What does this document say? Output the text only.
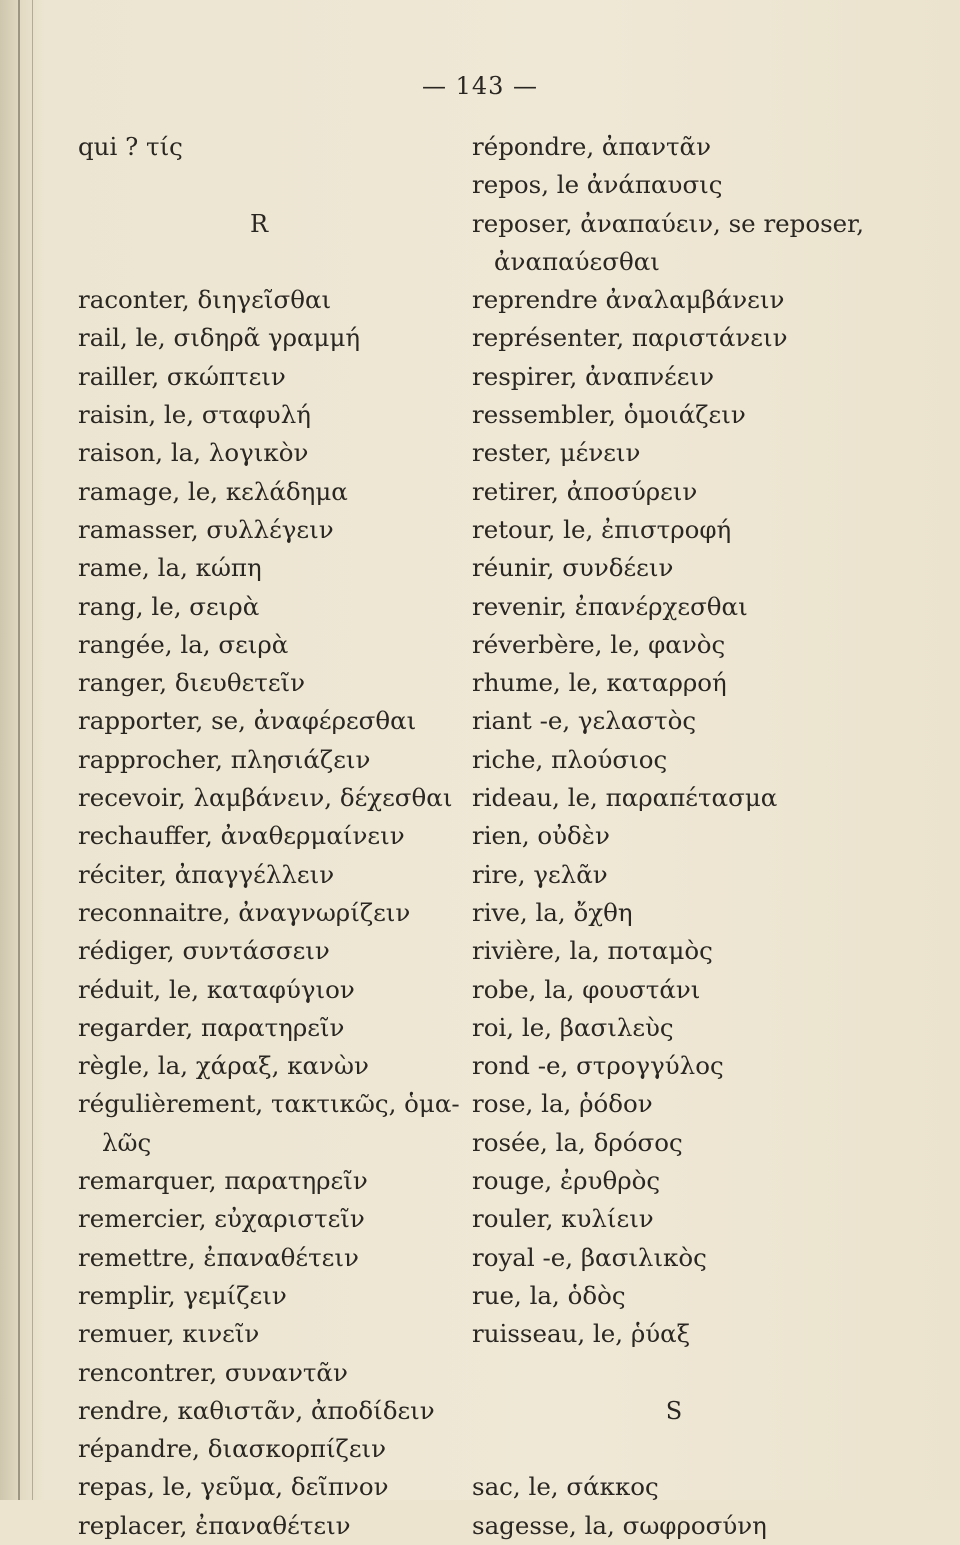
— 143 —
qui ? τίς
R
raconter, διηγεῖσθαι
rail, le, σιδηρᾶ γραμμή
railler, σκώπτειν
raisin, le, σταφυλή
raison, la, λογικὸν
ramage, le, κελάδημα
ramasser, συλλέγειν
rame, la, κώπη
rang, le, σειρὰ
rangée, la, σειρὰ
ranger, διευθετεῖν
rapporter, se, ἀναφέρεσθαι
rapprocher, πλησιάζειν
recevoir, λαμβάνειν, δέχεσθαι
rechauffer, ἀναθερμαίνειν
réciter, ἀπαγγέλλειν
reconnaitre, ἀναγνωρίζειν
rédiger, συντάσσειν
réduit, le, καταφύγιον
regarder, παρατηρεῖν
règle, la, χάραξ, κανὼν
régulièrement, τακτικῶς, ὁμα-
λῶς
remarquer, παρατηρεῖν
remercier, εὐχαριστεῖν
remettre, ἐπαναθέτειν
remplir, γεμίζειν
remuer, κινεῖν
rencontrer, συναντᾶν
rendre, καθιστᾶν, ἀποδίδειν
répandre, διασκορπίζειν
repas, le, γεῦμα, δεῖπνον
replacer, ἐπαναθέτειν
répondre, ἀπαντᾶν
repos, le ἀνάπαυσις
reposer, ἀναπαύειν, se reposer,
ἀναπαύεσθαι
reprendre ἀναλαμβάνειν
représenter, παριστάνειν
respirer, ἀναπνέειν
ressembler, ὁμοιάζειν
rester, μένειν
retirer, ἀποσύρειν
retour, le, ἐπιστροφή
réunir, συνδέειν
revenir, ἐπανέρχεσθαι
réverbère, le, φανὸς
rhume, le, καταρροή
riant -e, γελαστὸς
riche, πλούσιος
rideau, le, παραπέτασμα
rien, οὐδὲν
rire, γελᾶν
rive, la, ὄχθη
rivière, la, ποταμὸς
robe, la, φουστάνι
roi, le, βασιλεὺς
rond -e, στρογγύλος
rose, la, ῥόδον
rosée, la, δρόσος
rouge, ἐρυθρὸς
rouler, κυλίειν
royal -e, βασιλικὸς
rue, la, ὁδὸς
ruisseau, le, ῥύαξ
S
sac, le, σάκκος
sagesse, la, σωφροσύνη
